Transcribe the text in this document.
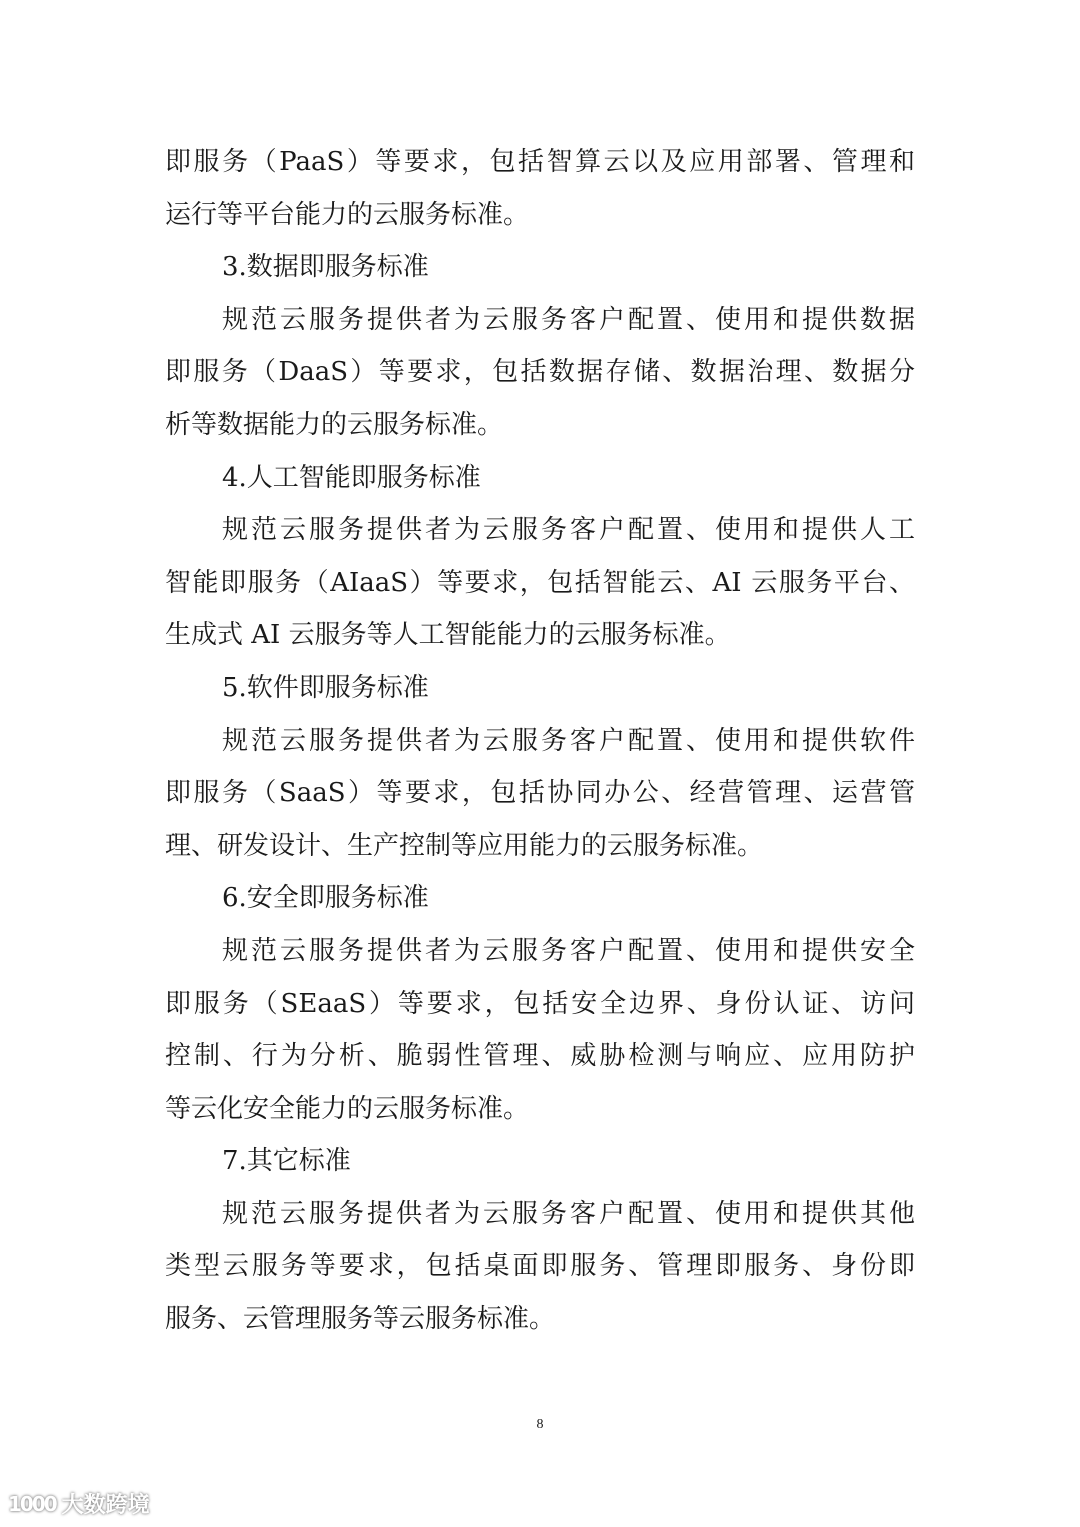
即服务（PaaS）等要求，包括智算云以及应用部署、管理和
运行等平台能力的云服务标准。
3.数据即服务标准
规范云服务提供者为云服务客户配置、使用和提供数据
即服务（DaaS）等要求，包括数据存储、数据治理、数据分
析等数据能力的云服务标准。
4.人工智能即服务标准
规范云服务提供者为云服务客户配置、使用和提供人工
智能即服务（AIaaS）等要求，包括智能云、AI 云服务平台、
生成式 AI 云服务等人工智能能力的云服务标准。
5.软件即服务标准
规范云服务提供者为云服务客户配置、使用和提供软件
即服务（SaaS）等要求，包括协同办公、经营管理、运营管
理、研发设计、生产控制等应用能力的云服务标准。
6.安全即服务标准
规范云服务提供者为云服务客户配置、使用和提供安全
即服务（SEaaS）等要求，包括安全边界、身份认证、访问
控制、行为分析、脆弱性管理、威胁检测与响应、应用防护
等云化安全能力的云服务标准。
7.其它标准
规范云服务提供者为云服务客户配置、使用和提供其他
类型云服务等要求，包括桌面即服务、管理即服务、身份即
服务、云管理服务等云服务标准。
8
1000 大数跨境
